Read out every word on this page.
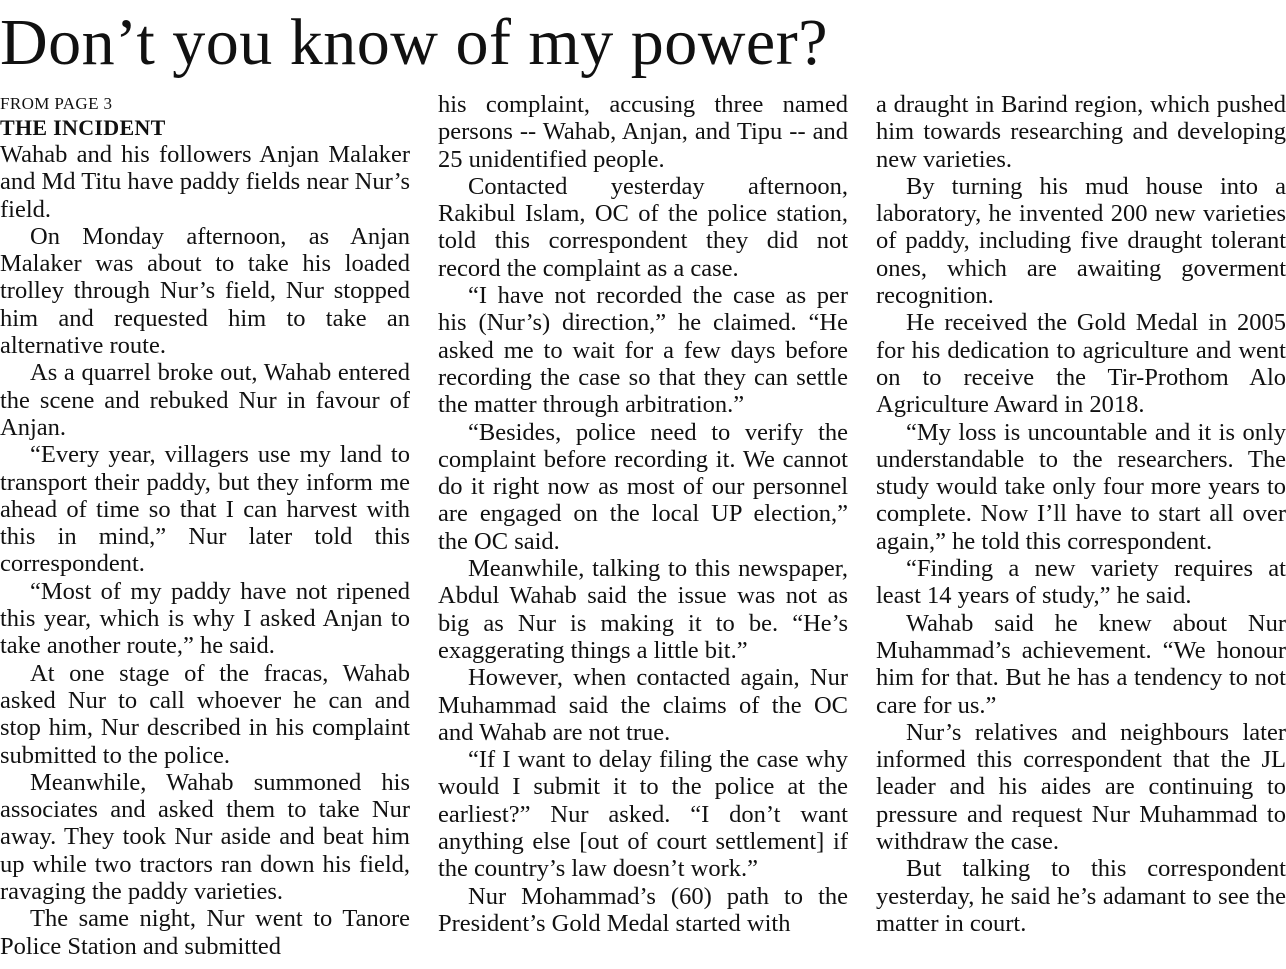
Don’t you know of my power?
FROM PAGE 3
THE INCIDENT

Wahab and his followers Anjan Malaker and Md Titu have paddy fields near Nur’s field.

On Monday afternoon, as Anjan Malaker was about to take his loaded trolley through Nur’s field, Nur stopped him and requested him to take an alternative route.

As a quarrel broke out, Wahab entered the scene and rebuked Nur in favour of Anjan.

“Every year, villagers use my land to transport their paddy, but they inform me ahead of time so that I can harvest with this in mind,” Nur later told this correspondent.

“Most of my paddy have not ripened this year, which is why I asked Anjan to take another route,” he said.

At one stage of the fracas, Wahab asked Nur to call whoever he can and stop him, Nur described in his complaint submitted to the police.

Meanwhile, Wahab summoned his associates and asked them to take Nur away. They took Nur aside and beat him up while two tractors ran down his field, ravaging the paddy varieties.

The same night, Nur went to Tanore Police Station and submitted

his complaint, accusing three named persons -- Wahab, Anjan, and Tipu -- and 25 unidentified people.

Contacted yesterday afternoon, Rakibul Islam, OC of the police station, told this correspondent they did not record the complaint as a case.

“I have not recorded the case as per his (Nur’s) direction,” he claimed. “He asked me to wait for a few days before recording the case so that they can settle the matter through arbitration.”

“Besides, police need to verify the complaint before recording it. We cannot do it right now as most of our personnel are engaged on the local UP election,” the OC said.

Meanwhile, talking to this newspaper, Abdul Wahab said the issue was not as big as Nur is making it to be. “He’s exaggerating things a little bit.”

However, when contacted again, Nur Muhammad said the claims of the OC and Wahab are not true.

“If I want to delay filing the case why would I submit it to the police at the earliest?” Nur asked. “I don’t want anything else [out of court settlement] if the country’s law doesn’t work.”

Nur Mohammad’s (60) path to the President’s Gold Medal started with

a draught in Barind region, which pushed him towards researching and developing new varieties.

By turning his mud house into a laboratory, he invented 200 new varieties of paddy, including five draught tolerant ones, which are awaiting goverment recognition.

He received the Gold Medal in 2005 for his dedication to agriculture and went on to receive the Tir-Prothom Alo Agriculture Award in 2018.

“My loss is uncountable and it is only understandable to the researchers. The study would take only four more years to complete. Now I’ll have to start all over again,” he told this correspondent.

“Finding a new variety requires at least 14 years of study,” he said.

Wahab said he knew about Nur Muhammad’s achievement. “We honour him for that. But he has a tendency to not care for us.”

Nur’s relatives and neighbours later informed this correspondent that the JL leader and his aides are continuing to pressure and request Nur Muhammad to withdraw the case.

But talking to this correspondent yesterday, he said he’s adamant to see the matter in court.
